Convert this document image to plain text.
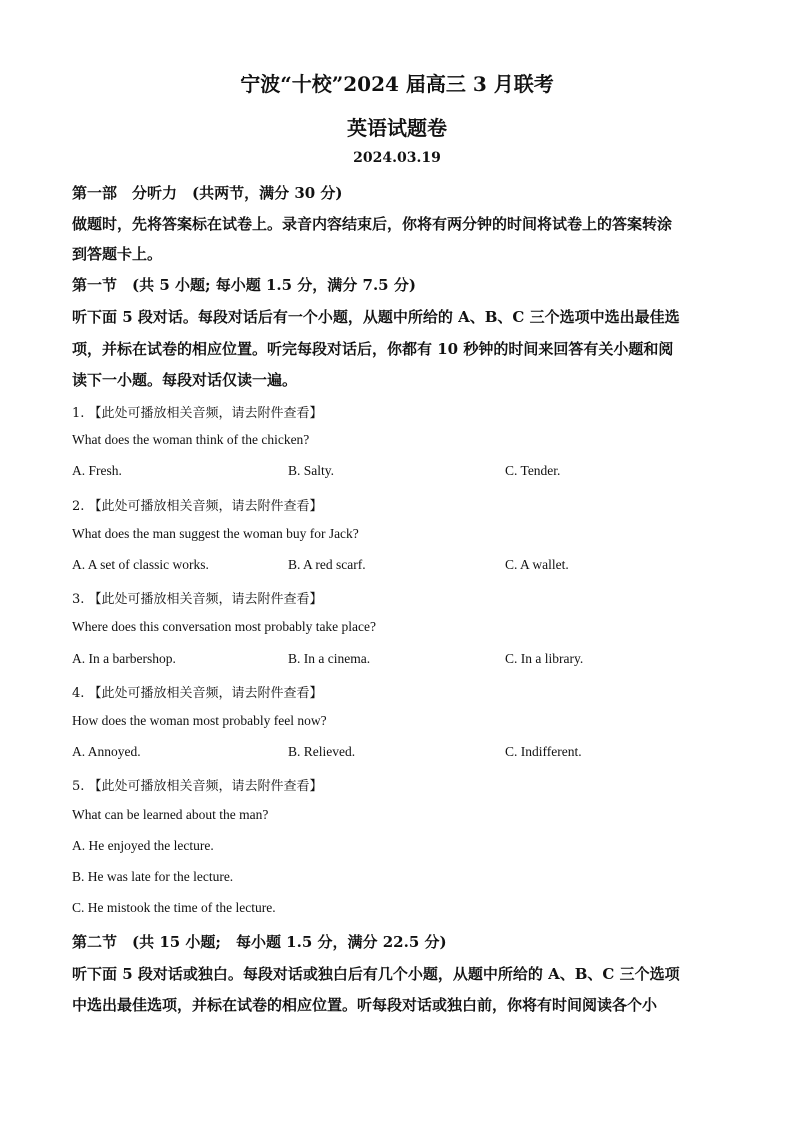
宁波“十校”2024 届高三 3 月联考
英语试题卷
2024.03.19
第一部　分听力　(共两节，满分 30 分)
做题时，先将答案标在试卷上。录音内容结束后，你将有两分钟的时间将试卷上的答案转涂
到答题卡上。
第一节　(共 5 小题; 每小题 1.5 分，满分 7.5 分)
听下面 5 段对话。每段对话后有一个小题，从题中所给的 A、B、C 三个选项中选出最佳选
项，并标在试卷的相应位置。听完每段对话后，你都有 10 秒钟的时间来回答有关小题和阅
读下一小题。每段对话仅读一遍。
1. 【此处可播放相关音频，请去附件查看】
What does the woman think of the chicken?
A. Fresh.	B. Salty.	C. Tender.
2. 【此处可播放相关音频，请去附件查看】
What does the man suggest the woman buy for Jack?
A. A set of classic works.	B. A red scarf.	C. A wallet.
3. 【此处可播放相关音频，请去附件查看】
Where does this conversation most probably take place?
A. In a barbershop.	B. In a cinema.	C. In a library.
4. 【此处可播放相关音频，请去附件查看】
How does the woman most probably feel now?
A. Annoyed.	B. Relieved.	C. Indifferent.
5. 【此处可播放相关音频，请去附件查看】
What can be learned about the man?
A. He enjoyed the lecture.
B. He was late for the lecture.
C. He mistook the time of the lecture.
第二节　(共 15 小题;　每小题 1.5 分，满分 22.5 分)
听下面 5 段对话或独白。每段对话或独白后有几个小题，从题中所给的 A、B、C 三个选项
中选出最佳选项，并标在试卷的相应位置。听每段对话或独白前，你将有时间阅读各个小
